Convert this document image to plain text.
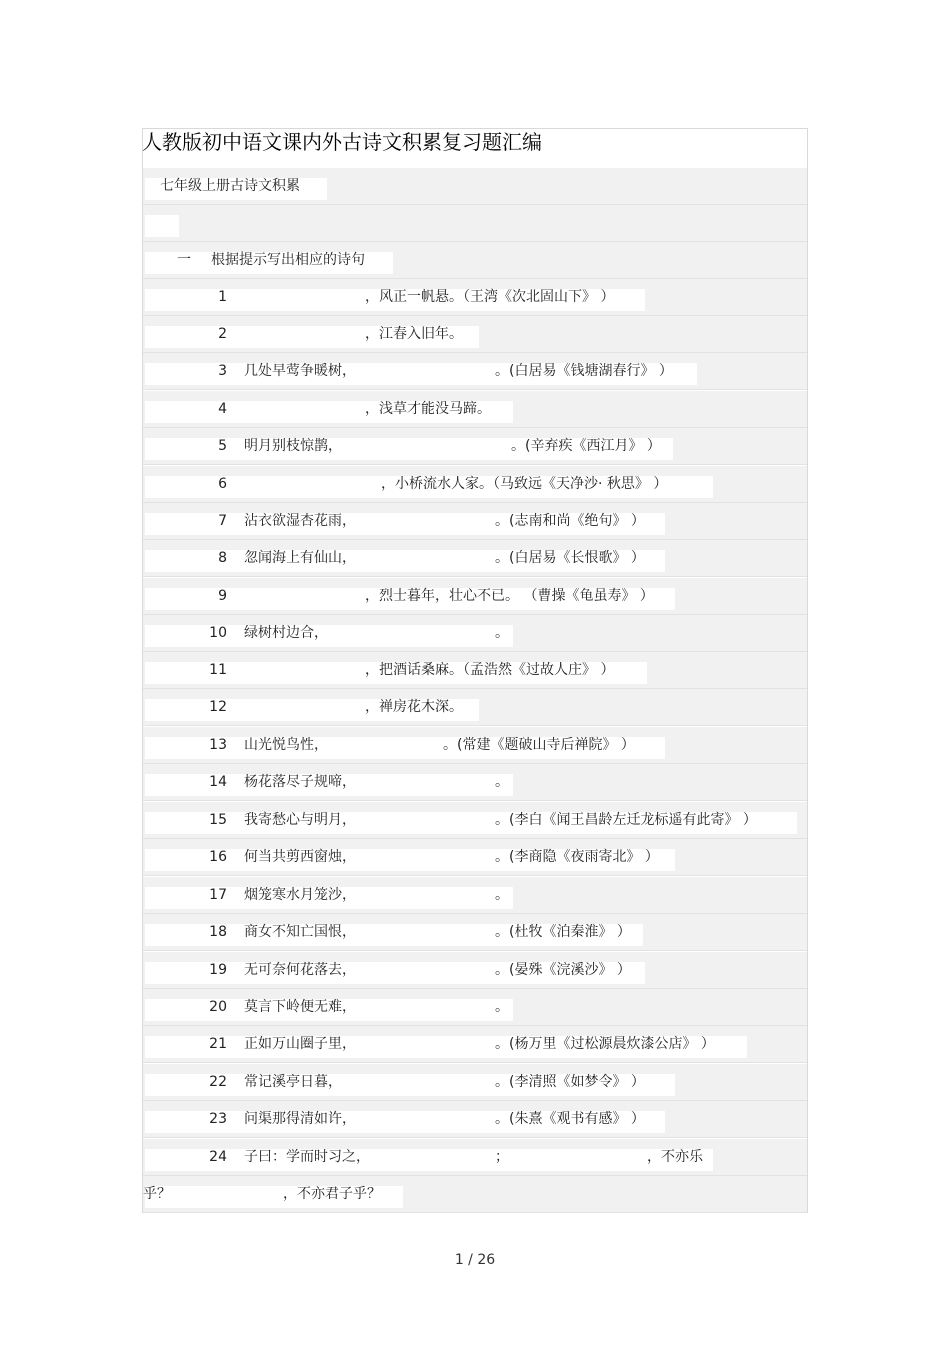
人教版初中语文课内外古诗文积累复习题汇编
七年级上册古诗文积累
一 根据提示写出相应的诗句
1	，风正一帆悬。（王湾《次北固山下》 ）
2	，江春入旧年。
3 几处早莺争暖树，	。(白居易《钱塘湖春行》 ）
4	，浅草才能没马蹄。
5 明月别枝惊鹊，	。(辛弃疾《西江月》 ）
6	，小桥流水人家。（马致远《天净沙· 秋思》 ）
7 沾衣欲湿杏花雨，	。(志南和尚《绝句》 ）
8 忽闻海上有仙山，	。(白居易《长恨歌》 ）
9	，烈士暮年，壮心不已。 （曹操《龟虽寿》 ）
10 绿树村边合，	。
11	，把酒话桑麻。（孟浩然《过故人庄》 ）
12	，禅房花木深。
13 山光悦鸟性，	。(常建《题破山寺后禅院》 ）
14 杨花落尽子规啼，	。
15 我寄愁心与明月，	。(李白《闻王昌龄左迁龙标遥有此寄》 ）
16 何当共剪西窗烛，	。(李商隐《夜雨寄北》 ）
17 烟笼寒水月笼沙，	。
18 商女不知亡国恨，	。(杜牧《泊秦淮》 ）
19 无可奈何花落去，	。(晏殊《浣溪沙》 ）
20 莫言下岭便无难，	。
21 正如万山圈子里，	。(杨万里《过松源晨炊漆公店》 ）
22 常记溪亭日暮，	。(李清照《如梦令》 ）
23 问渠那得清如许，	。(朱熹《观书有感》 ）
24 子曰：学而时习之，	；	，不亦乐
乎？	，不亦君子乎？
1 / 26
